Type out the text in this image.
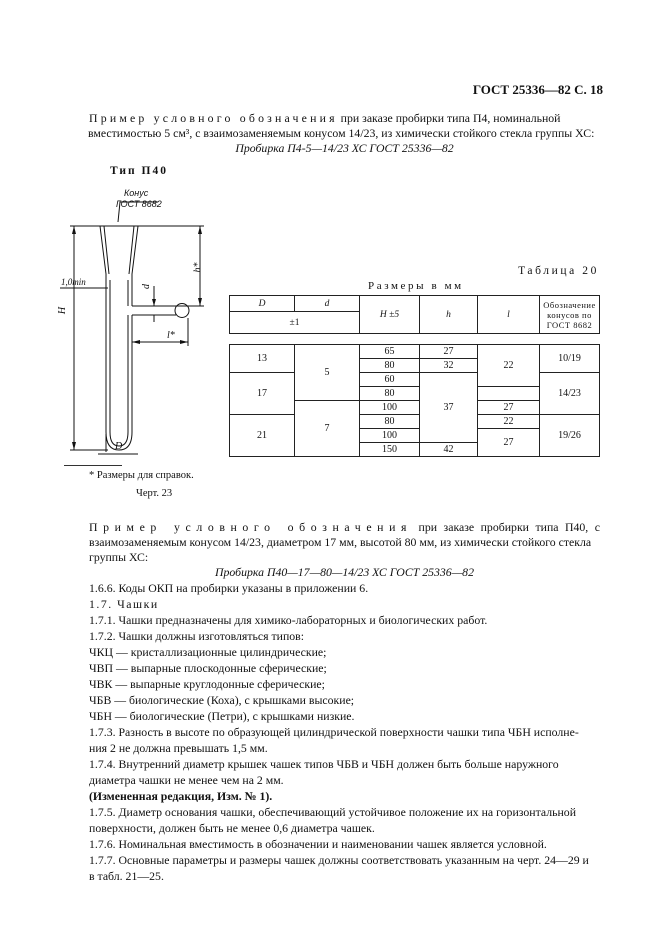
ГОСТ 25336—82 С. 18
Пример условного обозначения при заказе пробирки типа П4, номинальной
вместимостью 5 см³, с взаимозаменяемым конусом 14/23, из химически стойкого стекла группы ХС:
Пробирка П4-5—14/23 ХС ГОСТ 25336—82
Тип П40
Конус
ГОСТ 8682
h*
d
1,0min
H
l*
D
* Размеры для справок.
Черт. 23
Таблица 20
Размеры в мм
D	d	H ±5	h	l	Обозначение конусов по ГОСТ 8682
±1					

13	5	65	27	22	10/19
		80	32		
17		60	37		14/23
		80			
	7	100		27	
21		80		22	19/26
		100		27	
		150	42		
Пример условного обозначения при заказе пробирки типа П40, с
взаимозаменяемым конусом 14/23, диаметром 17 мм, высотой 80 мм, из химически стойкого стекла
группы ХС:
Пробирка П40—17—80—14/23 ХС ГОСТ 25336—82
1.6.6. Коды ОКП на пробирки указаны в приложении 6.
1.7. Чашки
1.7.1. Чашки предназначены для химико-лабораторных и биологических работ.
1.7.2. Чашки должны изготовляться типов:
ЧКЦ — кристаллизационные цилиндрические;
ЧВП — выпарные плоскодонные сферические;
ЧВК — выпарные круглодонные сферические;
ЧБВ — биологические (Коха), с крышками высокие;
ЧБН — биологические (Петри), с крышками низкие.
1.7.3. Разность в высоте по образующей цилиндрической поверхности чашки типа ЧБН исполне-
ния 2 не должна превышать 1,5 мм.
1.7.4. Внутренний диаметр крышек чашек типов ЧБВ и ЧБН должен быть больше наружного
диаметра чашки не менее чем на 2 мм.
(Измененная редакция, Изм. № 1).
1.7.5. Диаметр основания чашки, обеспечивающий устойчивое положение их на горизонтальной
поверхности, должен быть не менее 0,6 диаметра чашек.
1.7.6. Номинальная вместимость в обозначении и наименовании чашек является условной.
1.7.7. Основные параметры и размеры чашек должны соответствовать указанным на черт. 24—29 и
в табл. 21—25.
